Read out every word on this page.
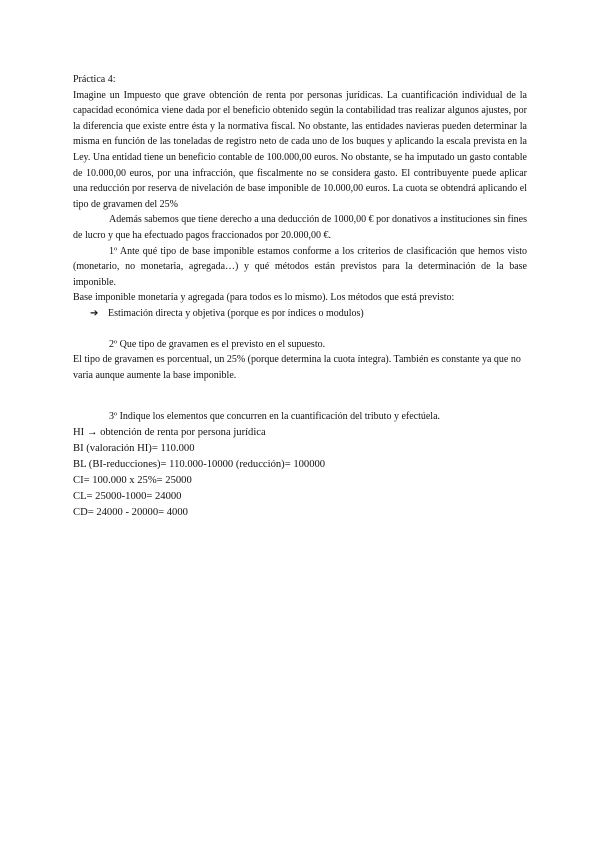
Práctica 4:

Imagine un Impuesto que grave obtención de renta por personas jurídicas. La cuantificación individual de la capacidad económica viene dada por el beneficio obtenido según la contabilidad tras realizar algunos ajustes, por la diferencia que existe entre ésta y la normativa fiscal. No obstante, las entidades navieras pueden determinar la misma en función de las toneladas de registro neto de cada uno de los buques y aplicando la escala prevista en la Ley. Una entidad tiene un beneficio contable de 100.000,00 euros. No obstante, se ha imputado un gasto contable de 10.000,00 euros, por una infracción, que fiscalmente no se considera gasto. El contribuyente puede aplicar una reducción por reserva de nivelación de base imponible de 10.000,00 euros. La cuota se obtendrá aplicando el tipo de gravamen del 25%

Además sabemos que tiene derecho a una deducción de 1000,00 € por donativos a instituciones sin fines de lucro y que ha efectuado pagos fraccionados por 20.000,00 €.

1º Ante qué tipo de base imponible estamos conforme a los criterios de clasificación que hemos visto (monetario, no monetaria, agregada…) y qué métodos están previstos para la determinación de la base imponible.

Base imponible monetaria y agregada (para todos es lo mismo). Los métodos que está previsto:

➔ Estimación directa y objetiva (porque es por índices o modulos)

2º Que tipo de gravamen es el previsto en el supuesto.

El tipo de gravamen es porcentual, un 25% (porque determina la cuota íntegra). También es constante ya que no varia aunque aumente la base imponible.

3º Indique los elementos que concurren en la cuantificación del tributo y efectúela.

HI → obtención de renta por persona jurídica

BI (valoración HI)= 110.000

BL (BI-reducciones)= 110.000-10000 (reducción)= 100000

CI= 100.000 x 25%= 25000

CL= 25000-1000= 24000

CD= 24000 - 20000= 4000
